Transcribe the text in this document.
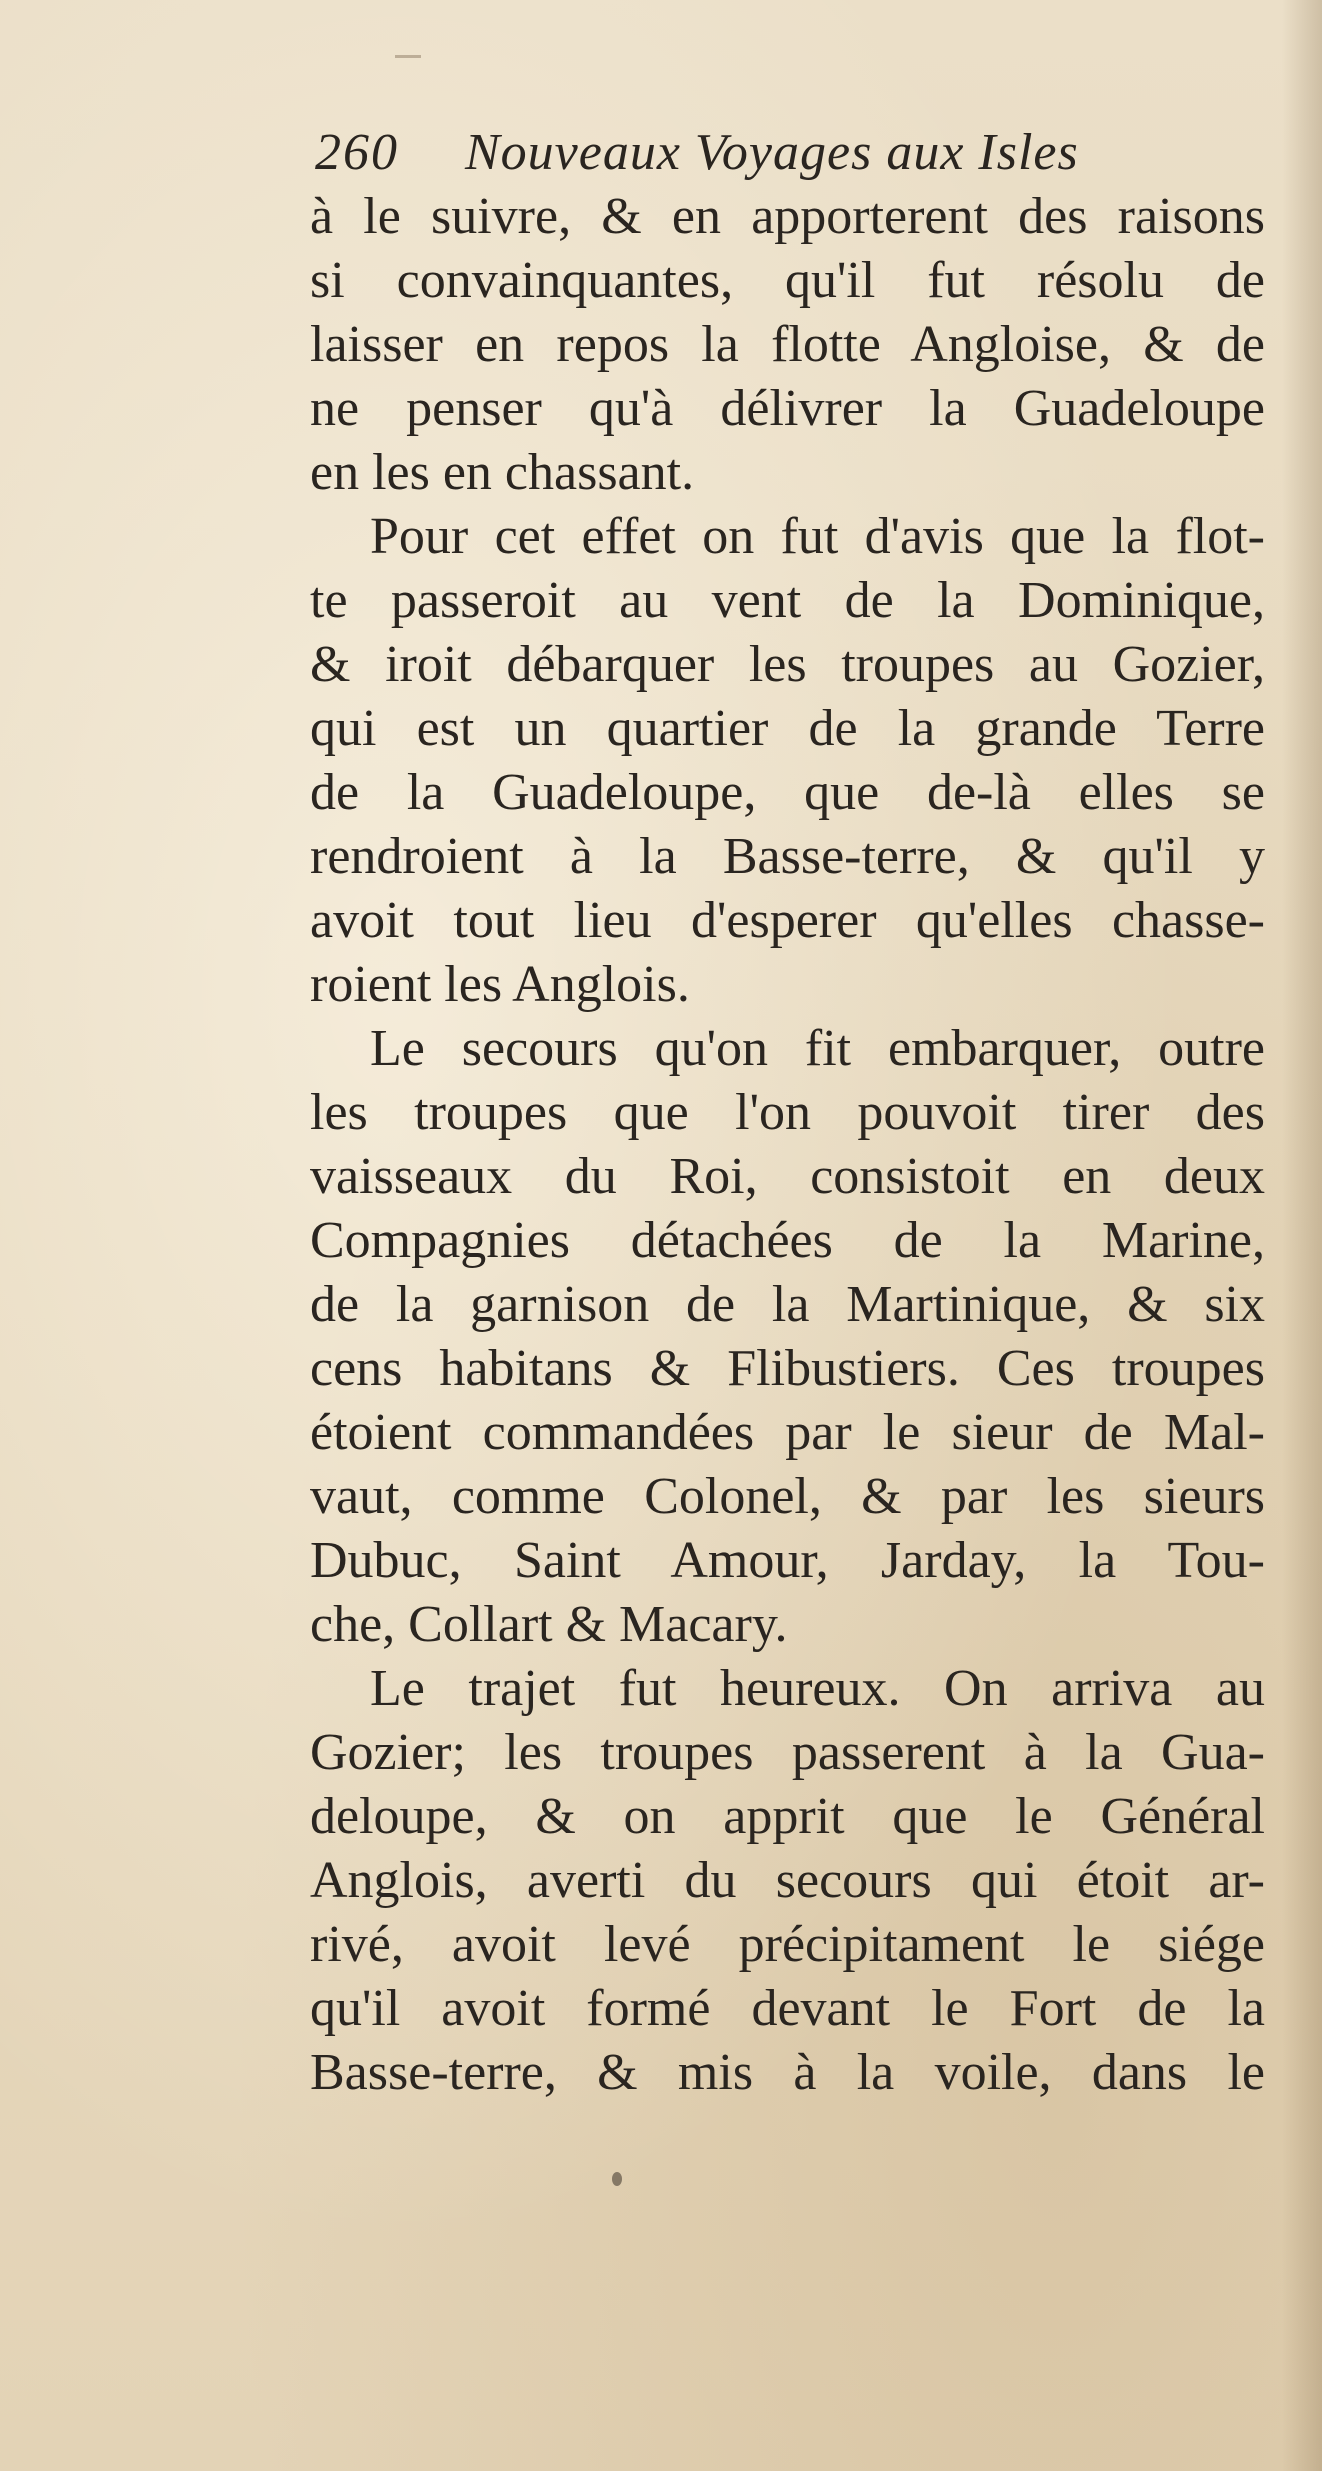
260	Nouveaux Voyages aux Isles
à le suivre, & en apporterent des raisons
si convainquantes, qu'il fut résolu de
laisser en repos la flotte Angloise, & de
ne penser qu'à délivrer la Guadeloupe
en les en chassant.
Pour cet effet on fut d'avis que la flot-
te passeroit au vent de la Dominique,
& iroit débarquer les troupes au Gozier,
qui est un quartier de la grande Terre
de la Guadeloupe, que de-là elles se
rendroient à la Basse-terre, & qu'il y
avoit tout lieu d'esperer qu'elles chasse-
roient les Anglois.
Le secours qu'on fit embarquer, outre
les troupes que l'on pouvoit tirer des
vaisseaux du Roi, consistoit en deux
Compagnies détachées de la Marine,
de la garnison de la Martinique, & six
cens habitans & Flibustiers. Ces troupes
étoient commandées par le sieur de Mal-
vaut, comme Colonel, & par les sieurs
Dubuc, Saint Amour, Jarday, la Tou-
che, Collart & Macary.
Le trajet fut heureux. On arriva au
Gozier; les troupes passerent à la Gua-
deloupe, & on apprit que le Général
Anglois, averti du secours qui étoit ar-
rivé, avoit levé précipitament le siége
qu'il avoit formé devant le Fort de la
Basse-terre, & mis à la voile, dans le
